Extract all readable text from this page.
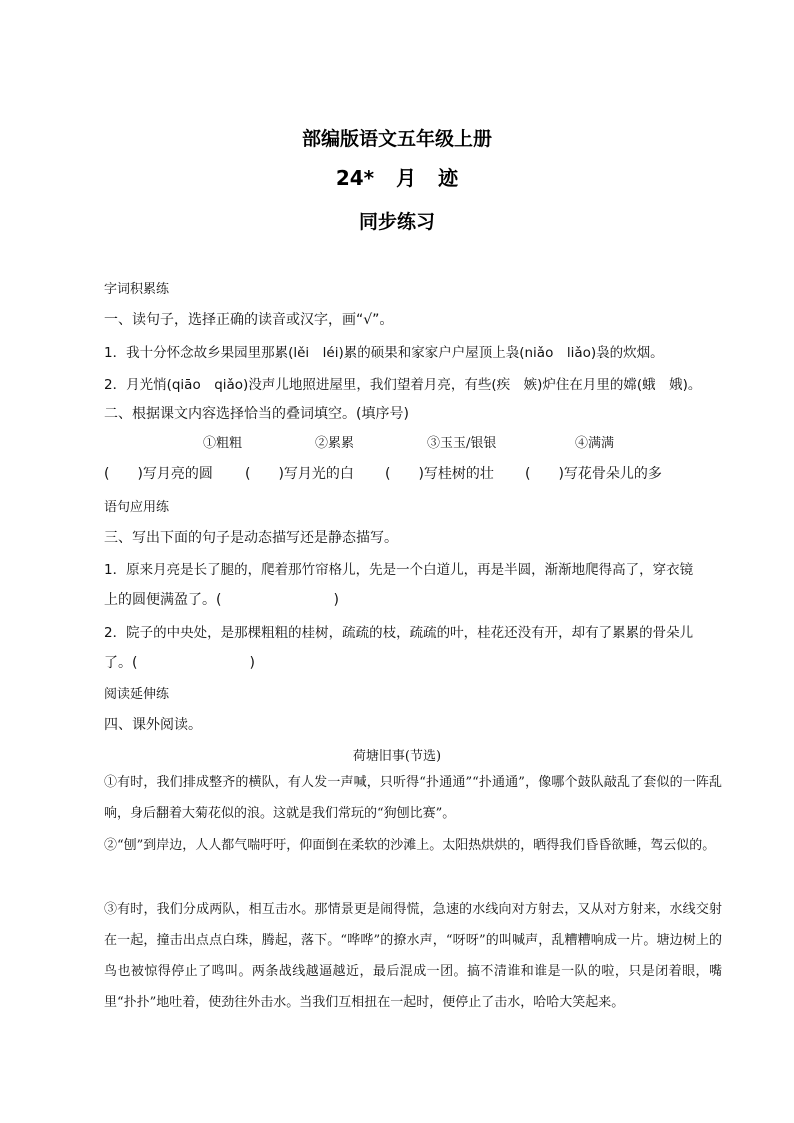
部编版语文五年级上册
24* 月 迹
同步练习
字词积累练
一、读句子，选择正确的读音或汉字，画“√”。
1．我十分怀念故乡果园里那累(lěi　léi)累的硕果和家家户户屋顶上袅(niǎo　liǎo)袅的炊烟。
2．月光悄(qiāo　qiǎo)没声儿地照进屋里，我们望着月亮，有些(疾　嫉)炉住在月里的嫦(蛾　娥)。
二、根据课文内容选择恰当的叠词填空。(填序号)
①粗粗	②累累	③玉玉/银银	④满满
(　　)写月亮的圆 (　　)写月光的白 (　　)写桂树的壮 (　　)写花骨朵儿的多
语句应用练
三、写出下面的句子是动态描写还是静态描写。
1．原来月亮是长了腿的，爬着那竹帘格儿，先是一个白道儿，再是半圆，渐渐地爬得高了，穿衣镜
上的圆便满盈了。(　　　　　　　　)
2．院子的中央处，是那棵粗粗的桂树，疏疏的枝，疏疏的叶，桂花还没有开，却有了累累的骨朵儿
了。(　　　　　　　　)
阅读延伸练
四、课外阅读。
荷塘旧事(节选)
①有时，我们排成整齐的横队，有人发一声喊，只听得“扑通通”“扑通通”，像哪个鼓队敲乱了套似的一阵乱响，身后翻着大菊花似的浪。这就是我们常玩的“狗刨比赛”。
②“刨”到岸边，人人都气喘吁吁，仰面倒在柔软的沙滩上。太阳热烘烘的，晒得我们昏昏欲睡，驾云似的。
③有时，我们分成两队，相互击水。那情景更是闹得慌，急速的水线向对方射去，又从对方射来，水线交射在一起，撞击出点点白珠，腾起，落下。“哗哗”的撩水声，“呀呀”的叫喊声，乱糟糟响成一片。塘边树上的鸟也被惊得停止了鸣叫。两条战线越逼越近，最后混成一团。搞不清谁和谁是一队的啦，只是闭着眼，嘴里“扑扑”地吐着，使劲往外击水。当我们互相扭在一起时，便停止了击水，哈哈大笑起来。
